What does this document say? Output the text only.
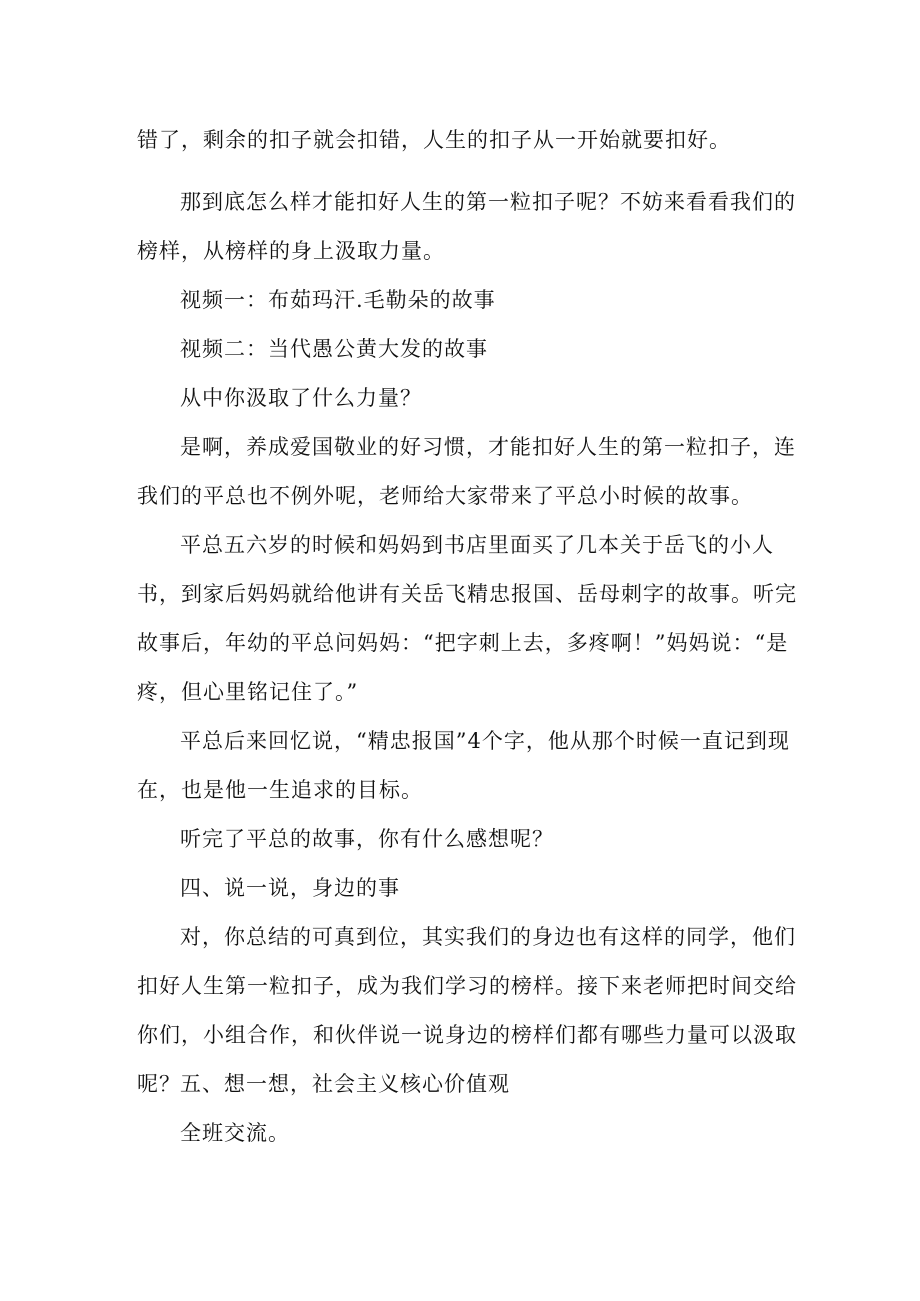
错了，剩余的扣子就会扣错，人生的扣子从一开始就要扣好。
那到底怎么样才能扣好人生的第一粒扣子呢？不妨来看看我们的榜样，从榜样的身上汲取力量。
视频一：布茹玛汗.毛勒朵的故事
视频二：当代愚公黄大发的故事
从中你汲取了什么力量？
是啊，养成爱国敬业的好习惯，才能扣好人生的第一粒扣子，连我们的平总也不例外呢，老师给大家带来了平总小时候的故事。
平总五六岁的时候和妈妈到书店里面买了几本关于岳飞的小人书，到家后妈妈就给他讲有关岳飞精忠报国、岳母刺字的故事。听完故事后，年幼的平总问妈妈：“把字刺上去，多疼啊！”妈妈说：“是疼，但心里铭记住了。”
平总后来回忆说，“精忠报国”4个字，他从那个时候一直记到现在，也是他一生追求的目标。
听完了平总的故事，你有什么感想呢？
四、说一说，身边的事
对，你总结的可真到位，其实我们的身边也有这样的同学，他们扣好人生第一粒扣子，成为我们学习的榜样。接下来老师把时间交给你们，小组合作，和伙伴说一说身边的榜样们都有哪些力量可以汲取呢？ 五、想一想，社会主义核心价值观
全班交流。
